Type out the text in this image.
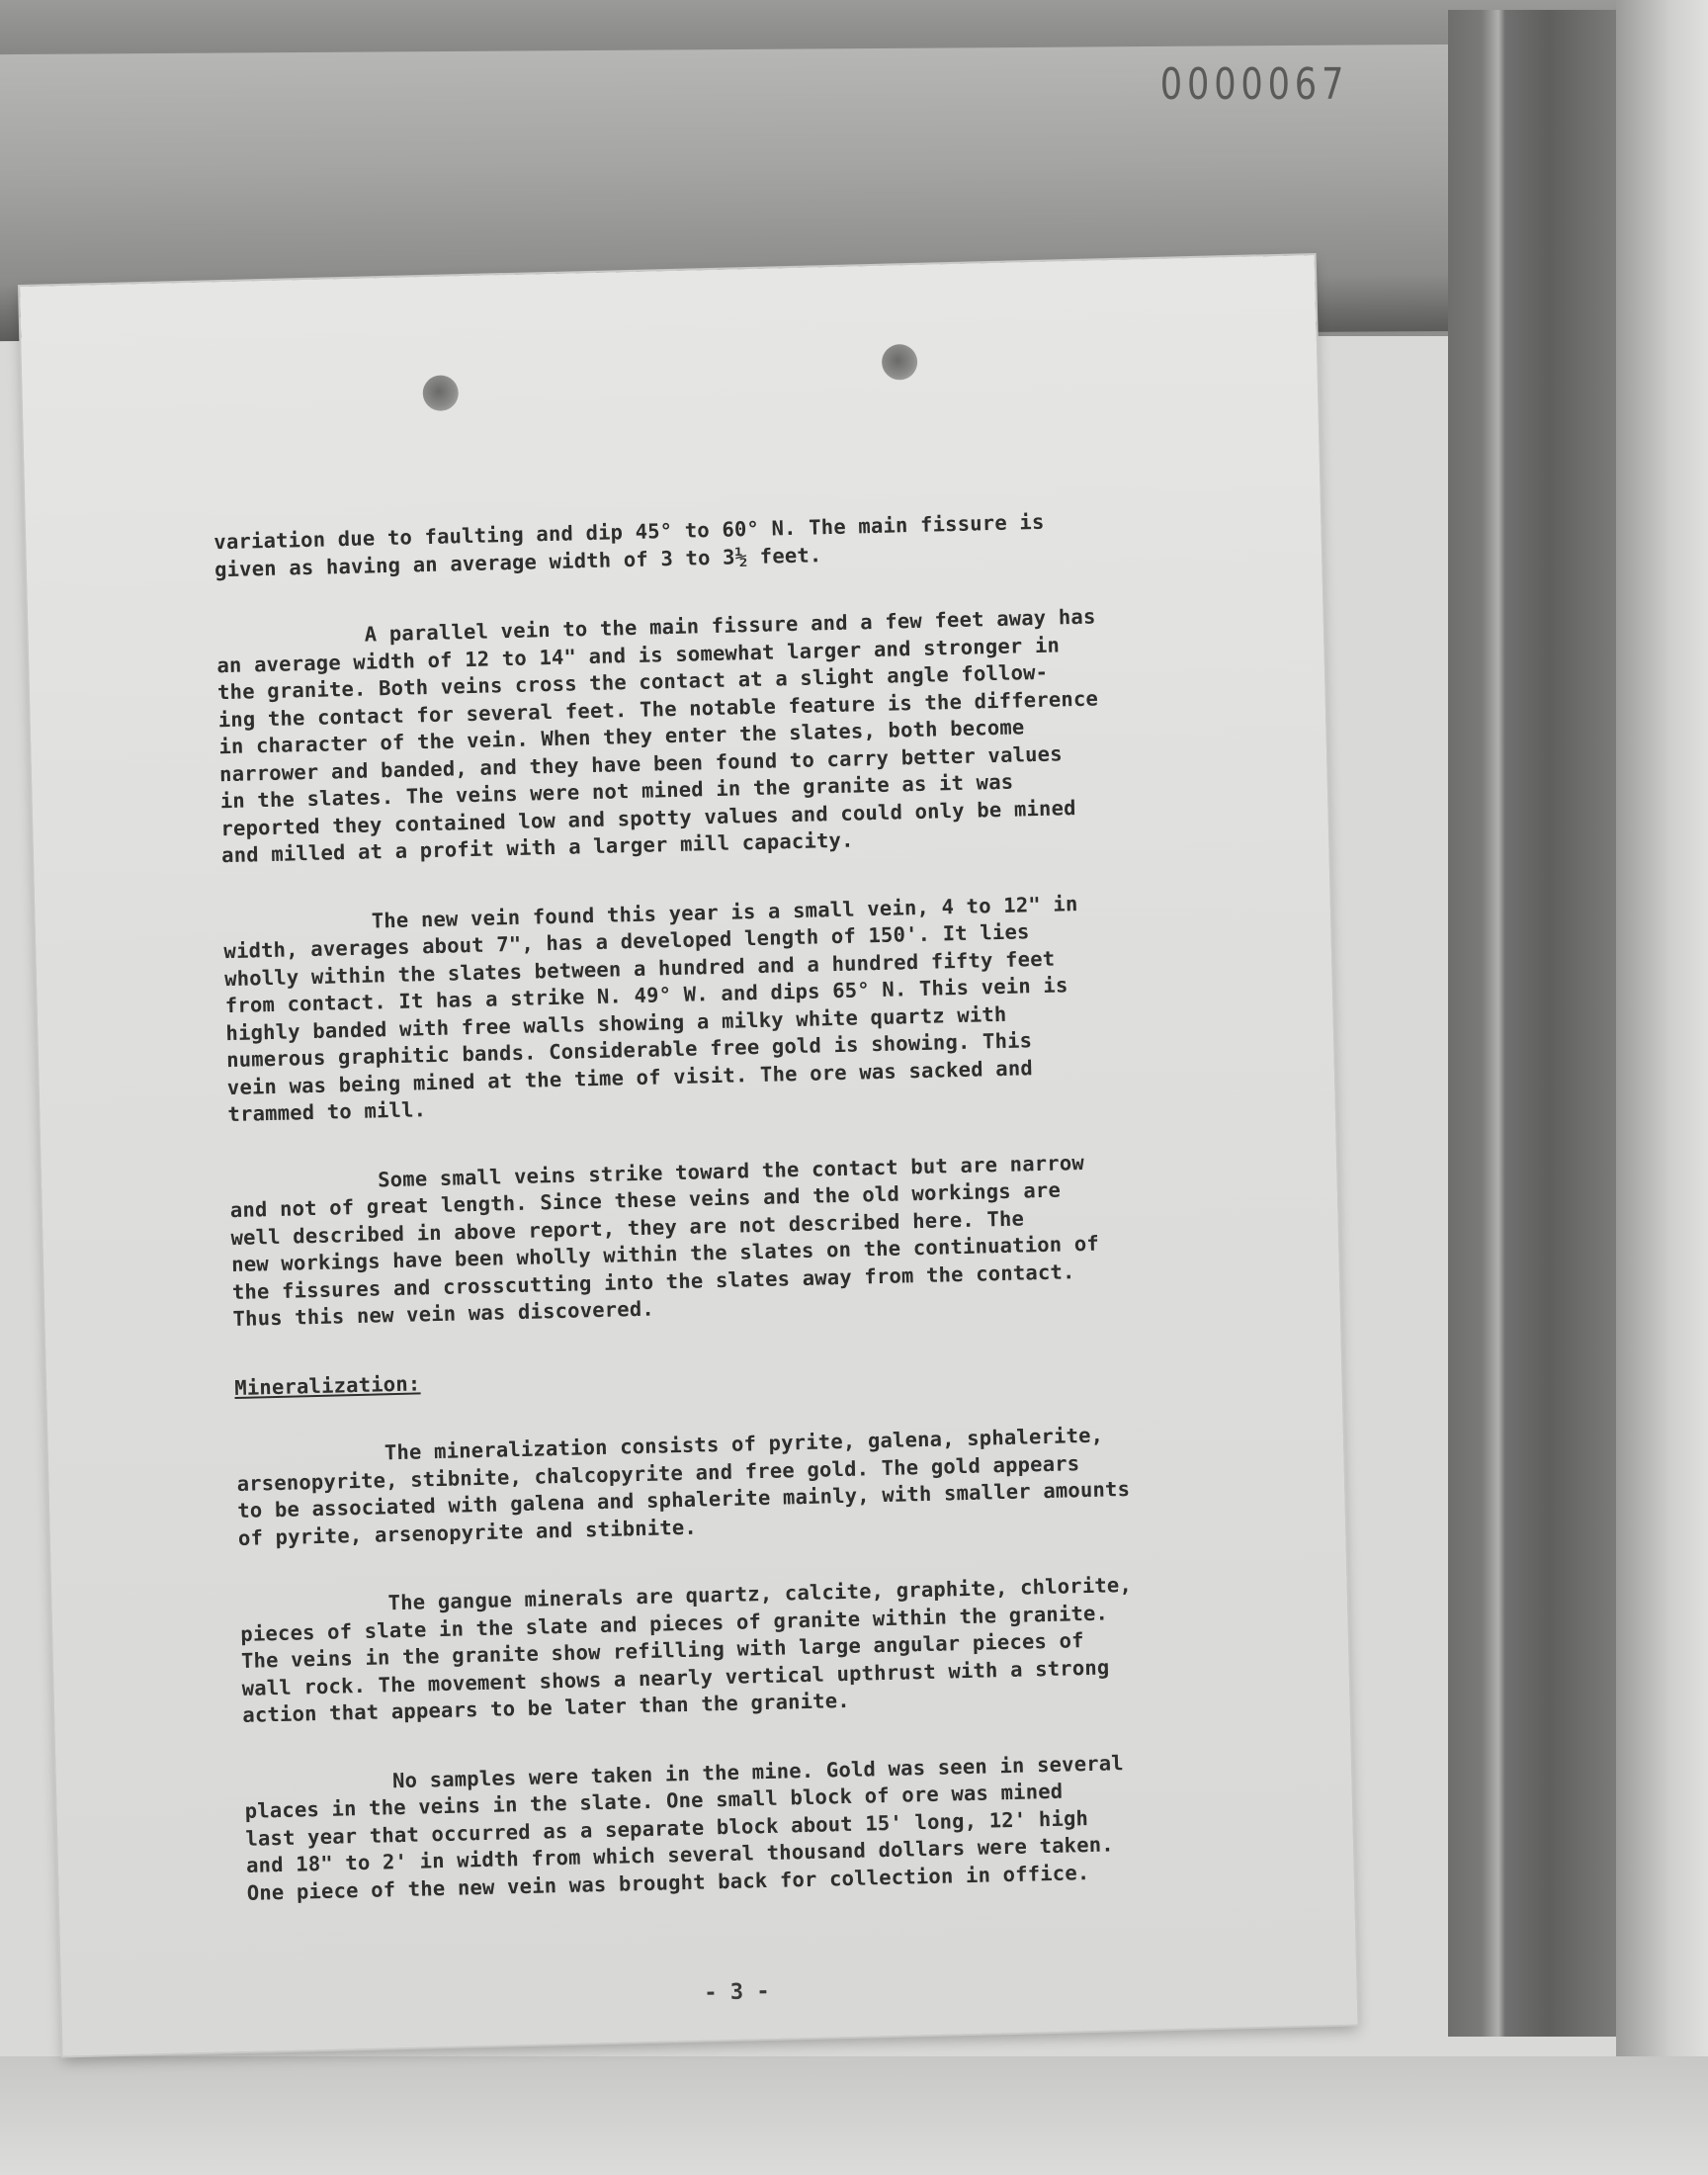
0000067

variation due to faulting and dip 45° to 60° N. The main fissure is
given as having an average width of 3 to 3½ feet.

A parallel vein to the main fissure and a few feet away has
an average width of 12 to 14" and is somewhat larger and stronger in
the granite. Both veins cross the contact at a slight angle follow-
ing the contact for several feet. The notable feature is the difference
in character of the vein. When they enter the slates, both become
narrower and banded, and they have been found to carry better values
in the slates. The veins were not mined in the granite as it was
reported they contained low and spotty values and could only be mined
and milled at a profit with a larger mill capacity.

The new vein found this year is a small vein, 4 to 12" in
width, averages about 7", has a developed length of 150'. It lies
wholly within the slates between a hundred and a hundred fifty feet
from contact. It has a strike N. 49° W. and dips 65° N. This vein is
highly banded with free walls showing a milky white quartz with
numerous graphitic bands. Considerable free gold is showing. This
vein was being mined at the time of visit. The ore was sacked and
trammed to mill.

Some small veins strike toward the contact but are narrow
and not of great length. Since these veins and the old workings are
well described in above report, they are not described here. The
new workings have been wholly within the slates on the continuation of
the fissures and crosscutting into the slates away from the contact.
Thus this new vein was discovered.

Mineralization:

The mineralization consists of pyrite, galena, sphalerite,
arsenopyrite, stibnite, chalcopyrite and free gold. The gold appears
to be associated with galena and sphalerite mainly, with smaller amounts
of pyrite, arsenopyrite and stibnite.

The gangue minerals are quartz, calcite, graphite, chlorite,
pieces of slate in the slate and pieces of granite within the granite.
The veins in the granite show refilling with large angular pieces of
wall rock. The movement shows a nearly vertical upthrust with a strong
action that appears to be later than the granite.

No samples were taken in the mine. Gold was seen in several
places in the veins in the slate. One small block of ore was mined
last year that occurred as a separate block about 15' long, 12' high
and 18" to 2' in width from which several thousand dollars were taken.
One piece of the new vein was brought back for collection in office.

- 3 -
